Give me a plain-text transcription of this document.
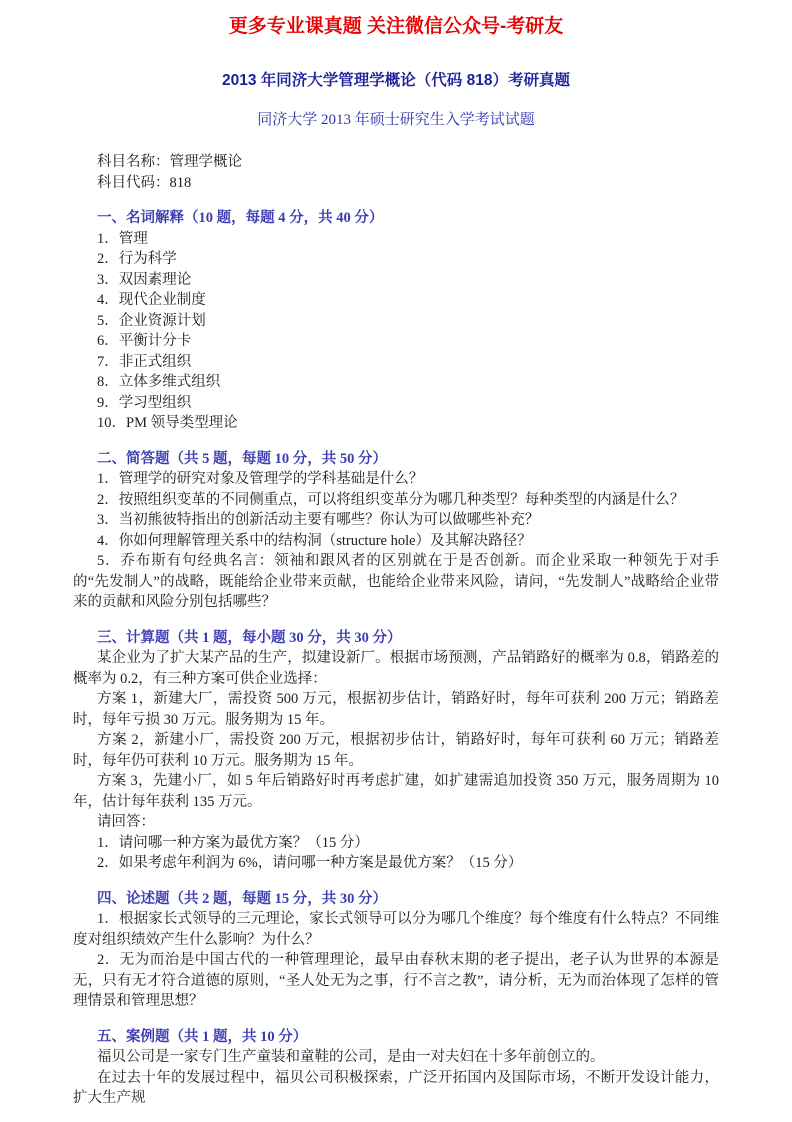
更多专业课真题 关注微信公众号-考研友
2013 年同济大学管理学概论（代码 818）考研真题
同济大学 2013 年硕士研究生入学考试试题

科目名称：管理学概论

科目代码：818

一、名词解释（10 题，每题 4 分，共 40 分）

1．管理

2．行为科学

3．双因素理论

4．现代企业制度

5．企业资源计划

6．平衡计分卡

7．非正式组织

8．立体多维式组织

9．学习型组织

10．PM 领导类型理论

二、简答题（共 5 题，每题 10 分，共 50 分）

1．管理学的研究对象及管理学的学科基础是什么？

2．按照组织变革的不同侧重点，可以将组织变革分为哪几种类型？每种类型的内涵是什么？

3．当初熊彼特指出的创新活动主要有哪些？你认为可以做哪些补充？

4．你如何理解管理关系中的结构洞（structure hole）及其解决路径？

5．乔布斯有句经典名言：领袖和跟风者的区别就在于是否创新。而企业采取一种领先于对手的“先发制人”的战略，既能给企业带来贡献，也能给企业带来风险，请问，“先发制人”战略给企业带来的贡献和风险分别包括哪些？

三、计算题（共 1 题，每小题 30 分，共 30 分）

某企业为了扩大某产品的生产，拟建设新厂。根据市场预测，产品销路好的概率为 0.8，销路差的概率为 0.2，有三种方案可供企业选择：

方案 1，新建大厂，需投资 500 万元，根据初步估计，销路好时，每年可获利 200 万元；销路差时，每年亏损 30 万元。服务期为 15 年。

方案 2，新建小厂，需投资 200 万元，根据初步估计，销路好时，每年可获利 60 万元；销路差时，每年仍可获利 10 万元。服务期为 15 年。

方案 3，先建小厂，如 5 年后销路好时再考虑扩建，如扩建需追加投资 350 万元，服务周期为 10 年，估计每年获利 135 万元。

请回答：

1．请问哪一种方案为最优方案？（15 分）

2．如果考虑年利润为 6%，请问哪一种方案是最优方案？（15 分）

四、论述题（共 2 题，每题 15 分，共 30 分）

1．根据家长式领导的三元理论，家长式领导可以分为哪几个维度？每个维度有什么特点？不同维度对组织绩效产生什么影响？为什么？

2．无为而治是中国古代的一种管理理论，最早由春秋末期的老子提出，老子认为世界的本源是无，只有无才符合道德的原则，“圣人处无为之事，行不言之教”，请分析，无为而治体现了怎样的管理情景和管理思想？

五、案例题（共 1 题，共 10 分）

福贝公司是一家专门生产童装和童鞋的公司，是由一对夫妇在十多年前创立的。

在过去十年的发展过程中，福贝公司积极探索，广泛开拓国内及国际市场，不断开发设计能力，扩大生产规
